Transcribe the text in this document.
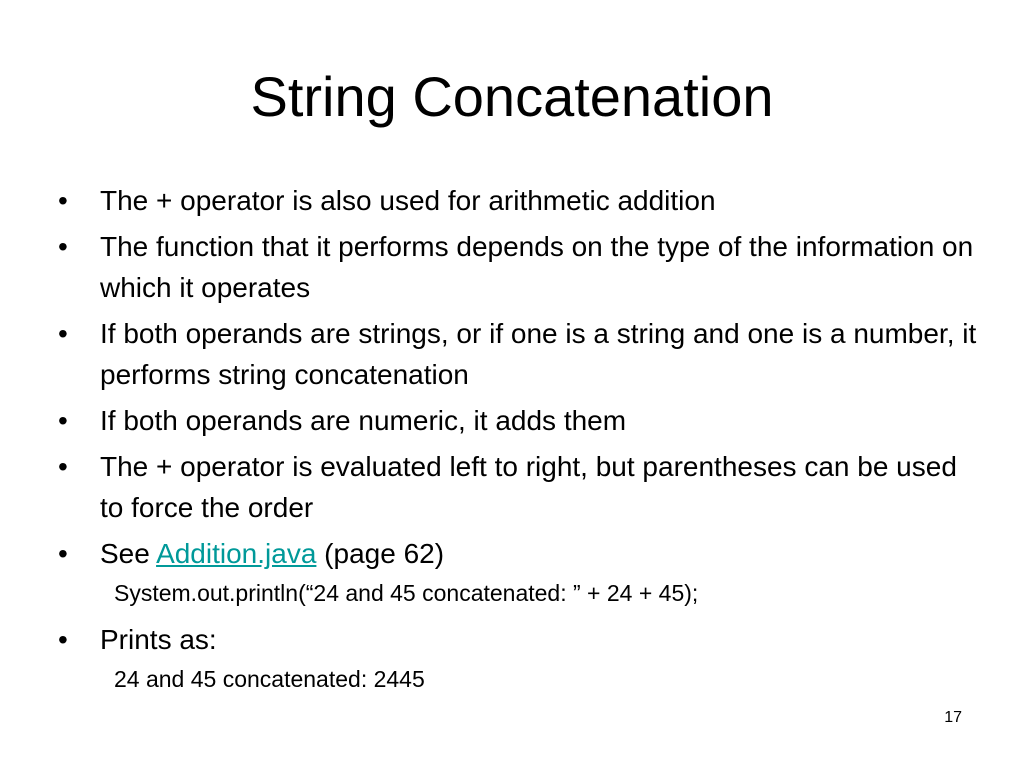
String Concatenation
• The + operator is also used for arithmetic addition
• The function that it performs depends on the type of the information on which it operates
• If both operands are strings, or if one is a string and one is a number, it performs string concatenation
• If both operands are numeric, it adds them
• The + operator is evaluated left to right, but parentheses can be used to force the order
• See Addition.java (page 62)
System.out.println(“24 and 45 concatenated: ” + 24 + 45);
• Prints as:
24 and 45 concatenated: 2445
17
